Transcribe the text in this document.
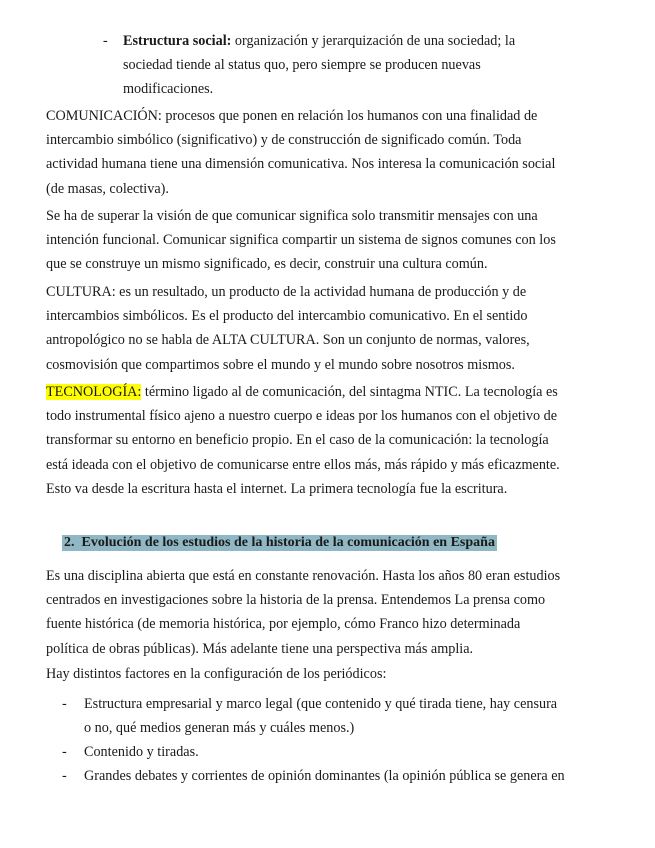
- Estructura social: organización y jerarquización de una sociedad; la
sociedad tiende al status quo, pero siempre se producen nuevas
modificaciones.
COMUNICACIÓN: procesos que ponen en relación los humanos con una finalidad de
intercambio simbólico (significativo) y de construcción de significado común. Toda
actividad humana tiene una dimensión comunicativa. Nos interesa la comunicación social
(de masas, colectiva).
Se ha de superar la visión de que comunicar significa solo transmitir mensajes con una
intención funcional. Comunicar significa compartir un sistema de signos comunes con los
que se construye un mismo significado, es decir, construir una cultura común.
CULTURA: es un resultado, un producto de la actividad humana de producción y de
intercambios simbólicos. Es el producto del intercambio comunicativo. En el sentido
antropológico no se habla de ALTA CULTURA. Son un conjunto de normas, valores,
cosmovisión que compartimos sobre el mundo y el mundo sobre nosotros mismos.
TECNOLOGÍA: término ligado al de comunicación, del sintagma NTIC. La tecnología es
todo instrumental físico ajeno a nuestro cuerpo e ideas por los humanos con el objetivo de
transformar su entorno en beneficio propio. En el caso de la comunicación: la tecnología
está ideada con el objetivo de comunicarse entre ellos más, más rápido y más eficazmente.
Esto va desde la escritura hasta el internet. La primera tecnología fue la escritura.
2. Evolución de los estudios de la historia de la comunicación en España
Es una disciplina abierta que está en constante renovación. Hasta los años 80 eran estudios
centrados en investigaciones sobre la historia de la prensa. Entendemos La prensa como
fuente histórica (de memoria histórica, por ejemplo, cómo Franco hizo determinada
política de obras públicas). Más adelante tiene una perspectiva más amplia.
Hay distintos factores en la configuración de los periódicos:
- Estructura empresarial y marco legal (que contenido y qué tirada tiene, hay censura
o no, qué medios generan más y cuáles menos.)
- Contenido y tiradas.
- Grandes debates y corrientes de opinión dominantes (la opinión pública se genera en
